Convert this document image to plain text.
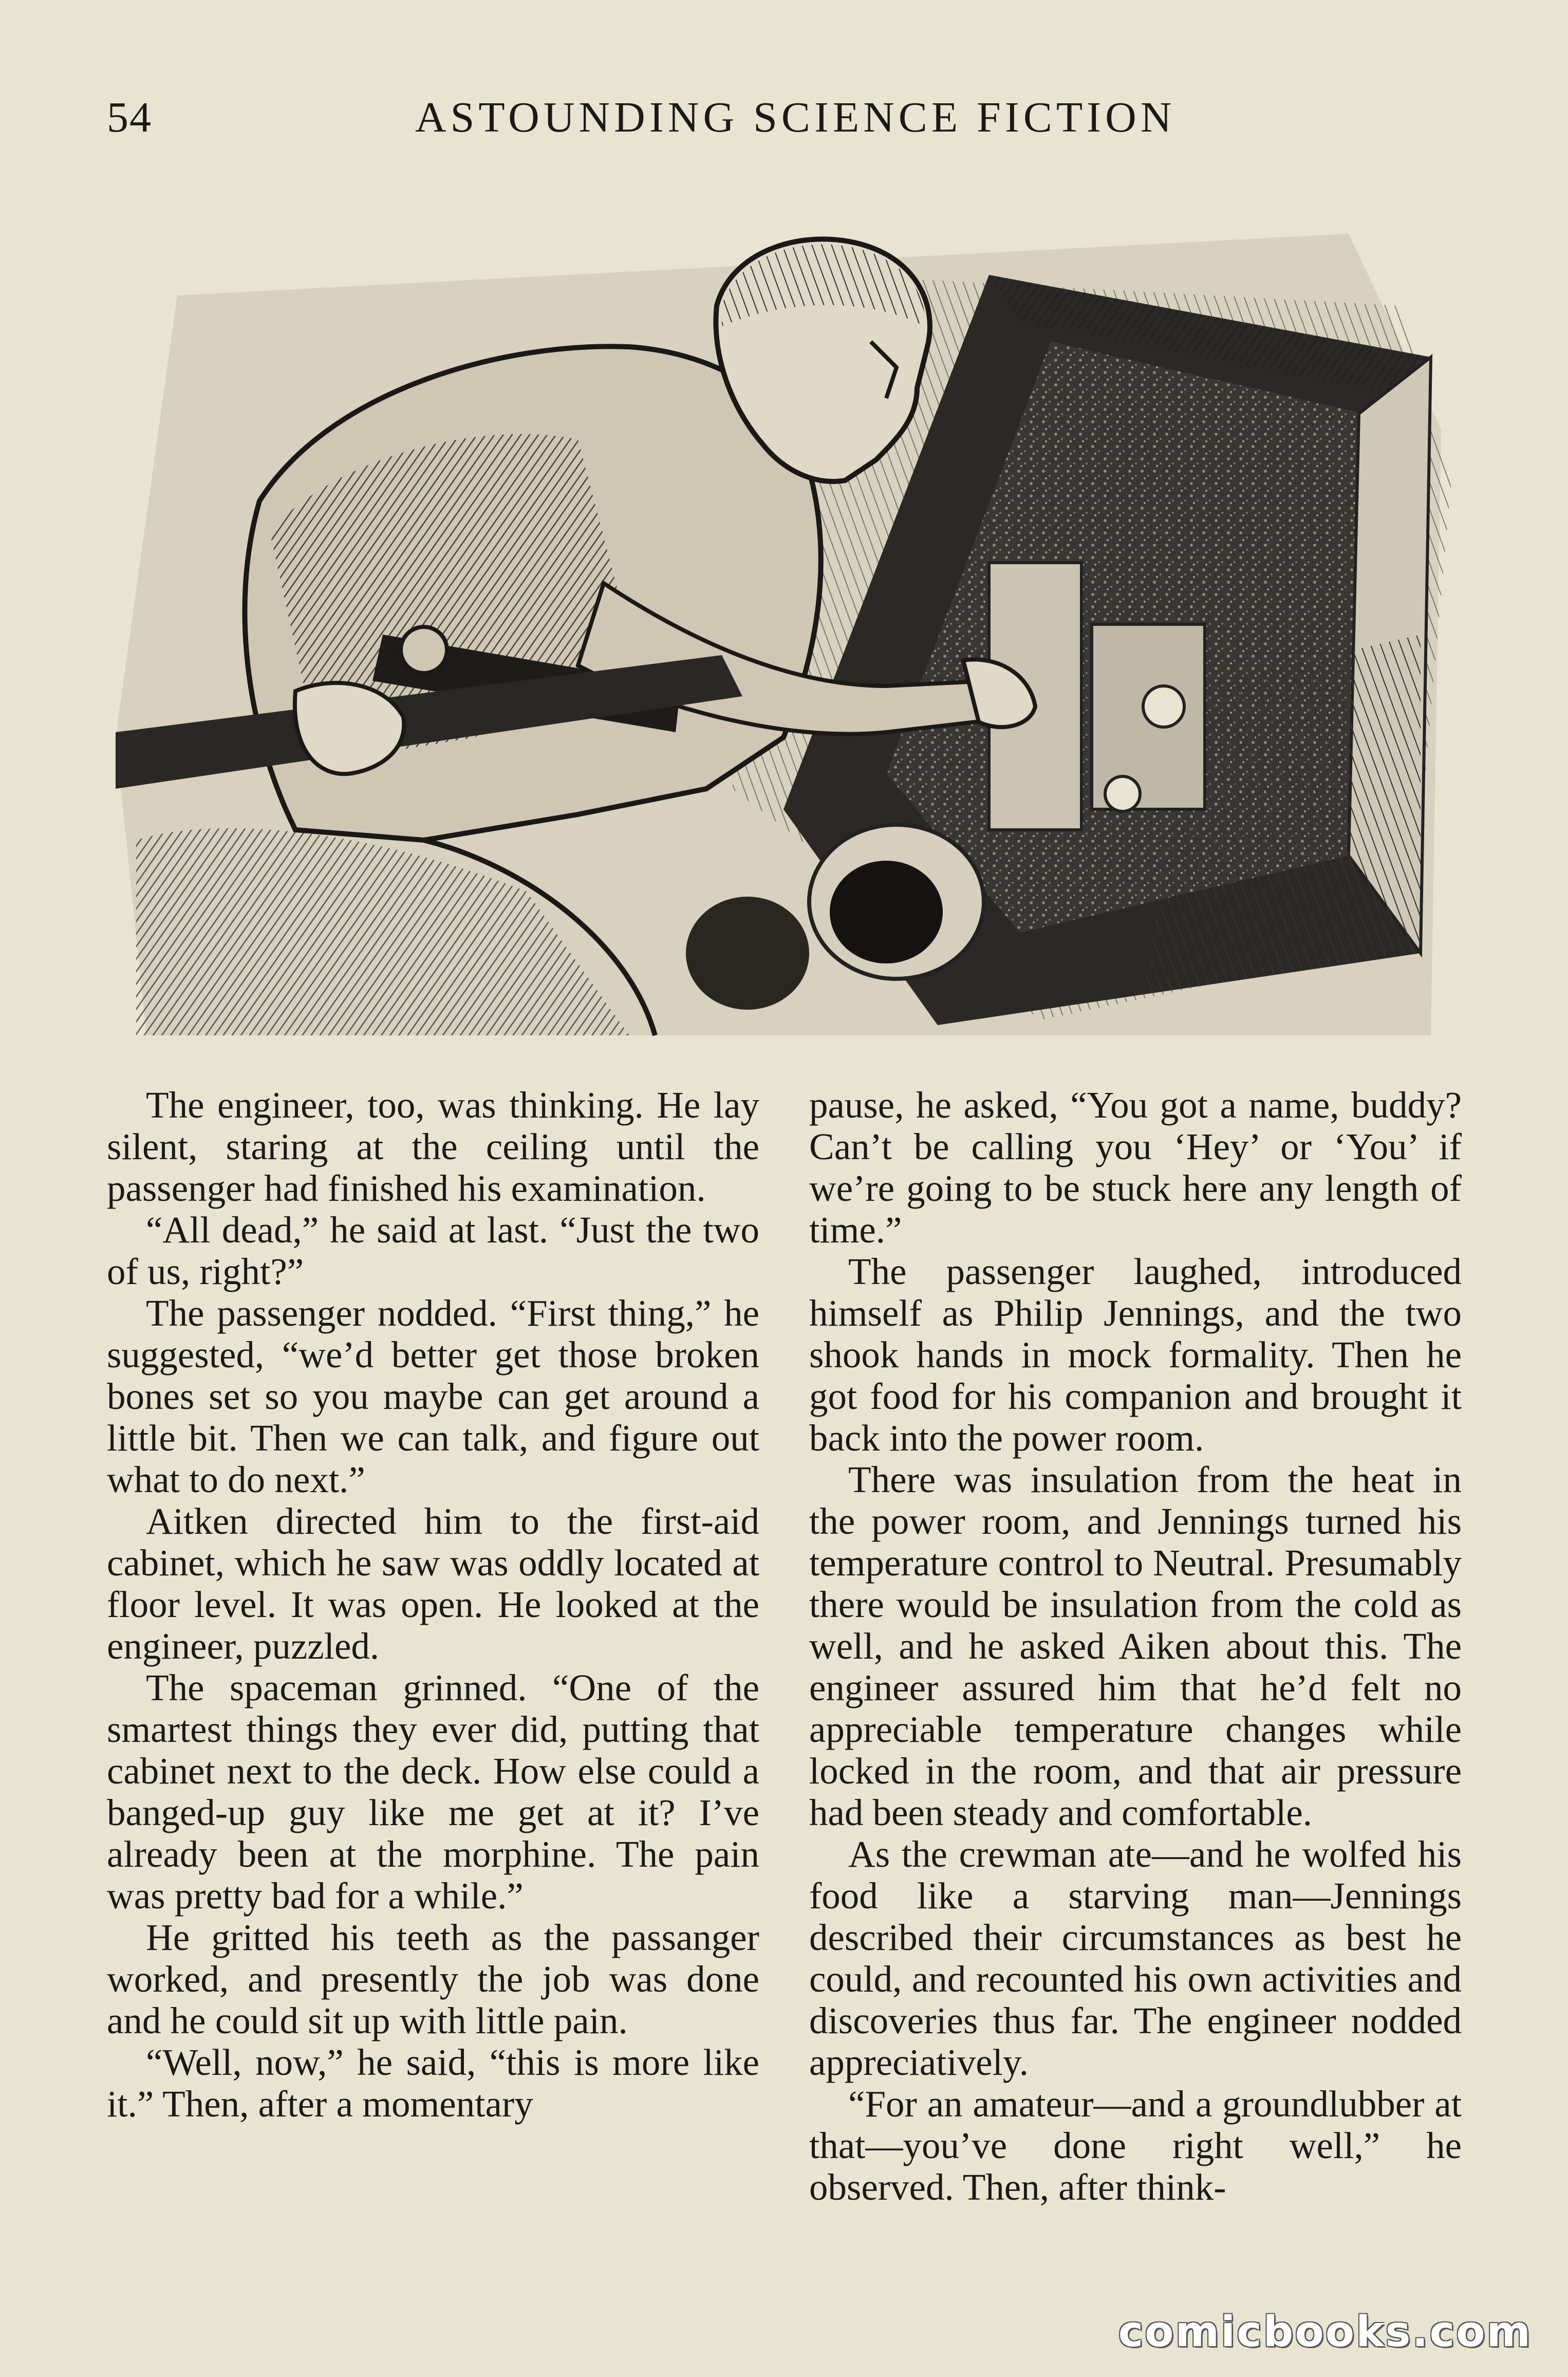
54	ASTOUNDING SCIENCE FICTION

The engineer, too, was thinking. He lay silent, staring at the ceiling until the passenger had finished his examination.

“All dead,” he said at last. “Just the two of us, right?”

The passenger nodded. “First thing,” he suggested, “we’d better get those broken bones set so you maybe can get around a little bit. Then we can talk, and figure out what to do next.”

Aitken directed him to the first-aid cabinet, which he saw was oddly located at floor level. It was open. He looked at the engineer, puzzled.

The spaceman grinned. “One of the smartest things they ever did, putting that cabinet next to the deck. How else could a banged-up guy like me get at it? I’ve already been at the morphine. The pain was pretty bad for a while.”

He gritted his teeth as the passanger worked, and presently the job was done and he could sit up with little pain.

“Well, now,” he said, “this is more like it.” Then, after a momentary

pause, he asked, “You got a name, buddy? Can’t be calling you ‘Hey’ or ‘You’ if we’re going to be stuck here any length of time.”

The passenger laughed, introduced himself as Philip Jennings, and the two shook hands in mock formality. Then he got food for his companion and brought it back into the power room.

There was insulation from the heat in the power room, and Jennings turned his temperature control to Neutral. Presumably there would be insulation from the cold as well, and he asked Aiken about this. The engineer assured him that he’d felt no appreciable temperature changes while locked in the room, and that air pressure had been steady and comfortable.

As the crewman ate—and he wolfed his food like a starving man—Jennings described their circumstances as best he could, and recounted his own activities and discoveries thus far. The engineer nodded appreciatively.

“For an amateur—and a groundlubber at that—you’ve done right well,” he observed. Then, after think-

comicbooks.com
